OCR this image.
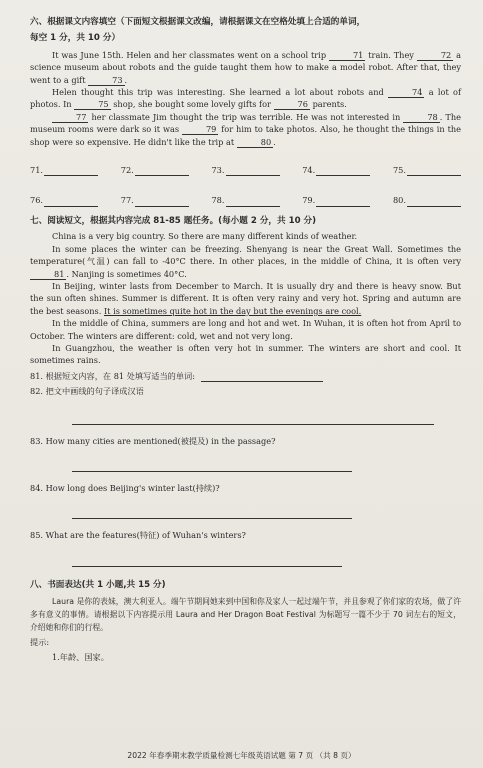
六、根据课文内容填空（下面短文根据课文改编，请根据课文在空格处填上合适的单词，

每空 1 分，共 10 分）

It was June 15th. Helen and her classmates went on a school trip	71 train. They	72 a science museum about robots and the guide taught them how to make a model robot. After that, they went to a gift	73 .

Helen thought this trip was interesting. She learned a lot about robots and	74 a lot of photos. In	75 shop, she bought some lovely gifts for	76 parents.

77 her classmate Jim thought the trip was terrible. He was not interested in	78 . The museum rooms were dark so it was	79 for him to take photos. Also, he thought the things in the shop were so expensive. He didn't like the trip at	80 .

71.	72.	73.	74.	75.
76.	77.	78.	79.	80.

七、阅读短文，根据其内容完成 81-85 题任务。(每小题 2 分，共 10 分)

China is a very big country. So there are many different kinds of weather.

In some places the winter can be freezing. Shenyang is near the Great Wall. Sometimes the temperature(气温) can fall to -40°C there. In other places, in the middle of China, it is often very 81 . Nanjing is sometimes 40°C.

In Beijing, winter lasts from December to March. It is usually dry and there is heavy snow. But the sun often shines. Summer is different. It is often very rainy and very hot. Spring and autumn are the best seasons. It is sometimes quite hot in the day but the evenings are cool.

In the middle of China, summers are long and hot and wet. In Wuhan, it is often hot from April to October. The winters are different: cold, wet and not very long.

In Guangzhou, the weather is often very hot in summer. The winters are short and cool. It sometimes rains.

81. 根据短文内容，在 81 处填写适当的单词:
82. 把文中画线的句子译成汉语
83. How many cities are mentioned(被提及) in the passage?
84. How long does Beijing's winter last(持续)?
85. What are the features(特征) of Wuhan's winters?

八、书面表达(共 1 小题,共 15 分)

Laura 是你的表妹，澳大利亚人。端午节期间她来到中国和你及家人一起过端午节，并且参观了你们家的农场，做了许多有意义的事情。请根据以下内容提示用 Laura and Her Dragon Boat Festival 为标题写一篇不少于 70 词左右的短文，介绍她和你们的行程。

提示:

1.年龄、国家。

2022 年春季期末教学质量检测七年级英语试题 第 7 页 （共 8 页）
